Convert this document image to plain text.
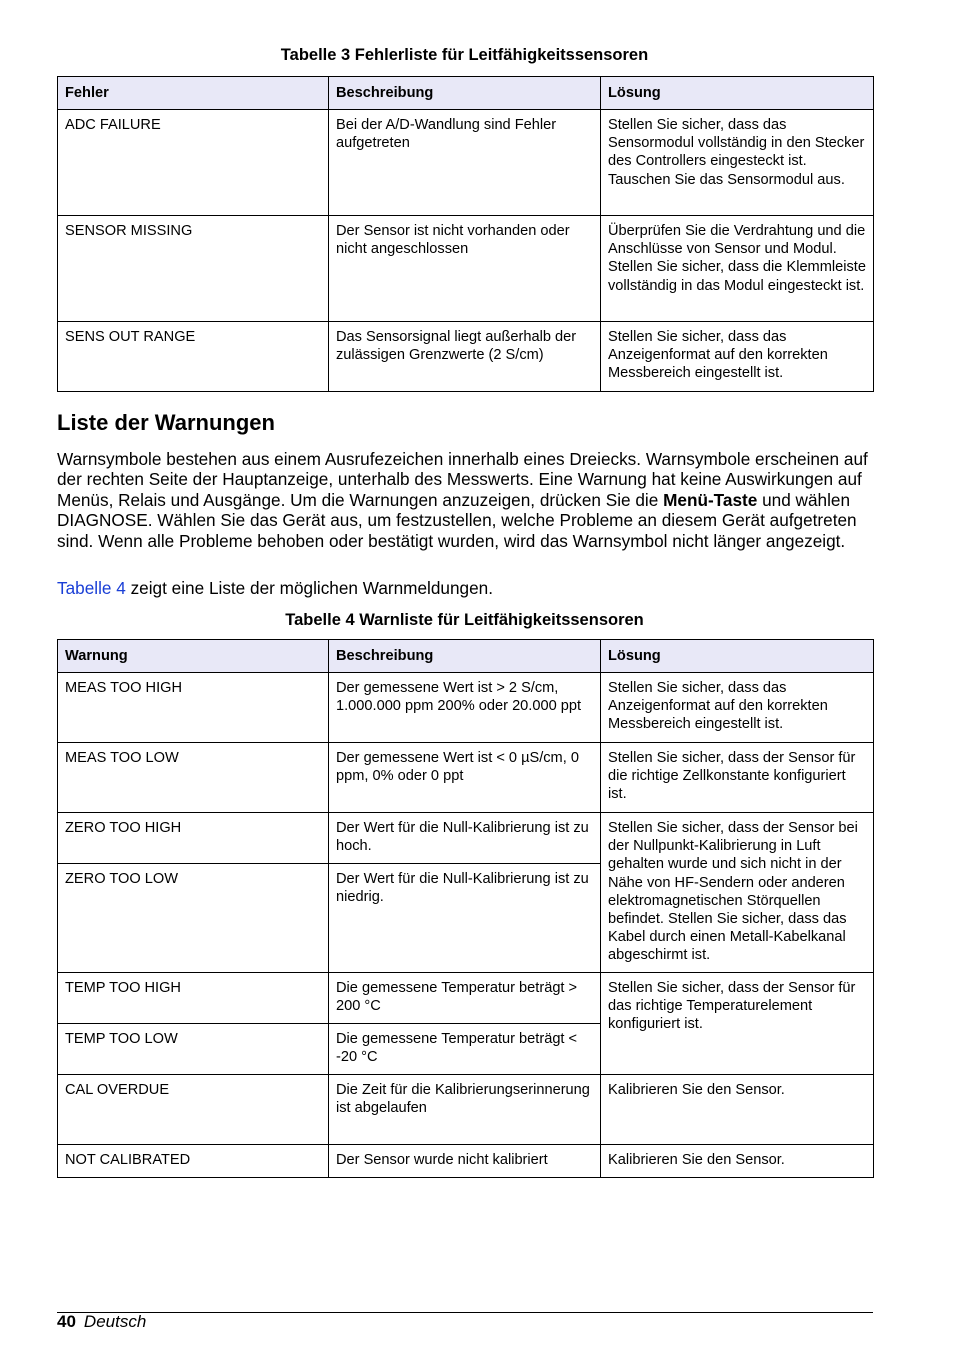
Tabelle 3 Fehlerliste für Leitfähigkeitssensoren
Fehler	Beschreibung	Lösung
ADC FAILURE	Bei der A/D-Wandlung sind Fehler aufgetreten	Stellen Sie sicher, dass das Sensormodul vollständig in den Stecker des Controllers eingesteckt ist. Tauschen Sie das Sensormodul aus.
SENSOR MISSING	Der Sensor ist nicht vorhanden oder nicht angeschlossen	Überprüfen Sie die Verdrahtung und die Anschlüsse von Sensor und Modul. Stellen Sie sicher, dass die Klemmleiste vollständig in das Modul eingesteckt ist.
SENS OUT RANGE	Das Sensorsignal liegt außerhalb der zulässigen Grenzwerte (2 S/cm)	Stellen Sie sicher, dass das Anzeigenformat auf den korrekten Messbereich eingestellt ist.
Liste der Warnungen

Warnsymbole bestehen aus einem Ausrufezeichen innerhalb eines Dreiecks. Warnsymbole erscheinen auf der rechten Seite der Hauptanzeige, unterhalb des Messwerts. Eine Warnung hat keine Auswirkungen auf Menüs, Relais und Ausgänge. Um die Warnungen anzuzeigen, drücken Sie die Menü-Taste und wählen DIAGNOSE. Wählen Sie das Gerät aus, um festzustellen, welche Probleme an diesem Gerät aufgetreten sind. Wenn alle Probleme behoben oder bestätigt wurden, wird das Warnsymbol nicht länger angezeigt.

Tabelle 4 zeigt eine Liste der möglichen Warnmeldungen.

Tabelle 4 Warnliste für Leitfähigkeitssensoren
Warnung	Beschreibung	Lösung
MEAS TOO HIGH	Der gemessene Wert ist > 2 S/cm, 1.000.000 ppm 200% oder 20.000 ppt	Stellen Sie sicher, dass das Anzeigenformat auf den korrekten Messbereich eingestellt ist.
MEAS TOO LOW	Der gemessene Wert ist < 0 µS/cm, 0 ppm, 0% oder 0 ppt	Stellen Sie sicher, dass der Sensor für die richtige Zellkonstante konfiguriert ist.
ZERO TOO HIGH	Der Wert für die Null-Kalibrierung ist zu hoch.	Stellen Sie sicher, dass der Sensor bei der Nullpunkt-Kalibrierung in Luft gehalten wurde und sich nicht in der Nähe von HF-Sendern oder anderen elektromagnetischen Störquellen befindet. Stellen Sie sicher, dass das Kabel durch einen Metall-Kabelkanal abgeschirmt ist.
ZERO TOO LOW	Der Wert für die Null-Kalibrierung ist zu niedrig.	
TEMP TOO HIGH	Die gemessene Temperatur beträgt > 200 °C	Stellen Sie sicher, dass der Sensor für das richtige Temperaturelement konfiguriert ist.
TEMP TOO LOW	Die gemessene Temperatur beträgt < -20 °C	
CAL OVERDUE	Die Zeit für die Kalibrierungserinnerung ist abgelaufen	Kalibrieren Sie den Sensor.
NOT CALIBRATED	Der Sensor wurde nicht kalibriert	Kalibrieren Sie den Sensor.
40 Deutsch
